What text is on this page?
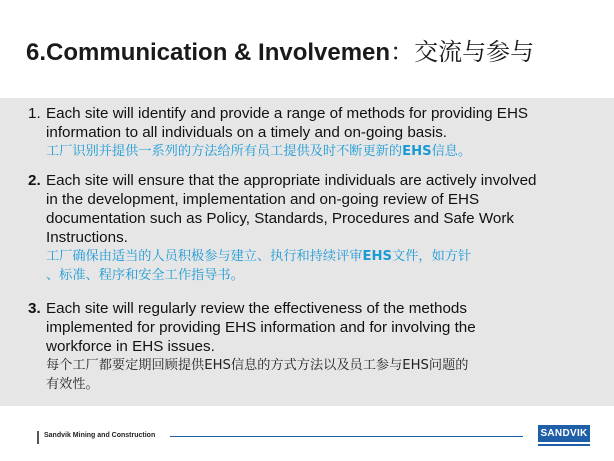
6.Communication & Involvemen：交流与参与
1. Each site will identify and provide a range of methods for providing EHS
information to all individuals on a timely and on-going basis.
工厂识别并提供一系列的方法给所有员工提供及时不断更新的EHS信息。
2. Each site will ensure that the appropriate individuals are actively involved
in the development, implementation and on-going review of EHS
documentation such as Policy, Standards, Procedures and Safe Work
Instructions.
工厂确保由适当的人员积极参与建立、执行和持续评审EHS文件，如方针
、标准、程序和安全工作指导书。
3. Each site will regularly review the effectiveness of the methods
implemented for providing EHS information and for involving the
workforce in EHS issues.
每个工厂都要定期回顾提供EHS信息的方式方法以及员工参与EHS问题的
有效性。
Sandvik Mining and Construction	SANDVIK
